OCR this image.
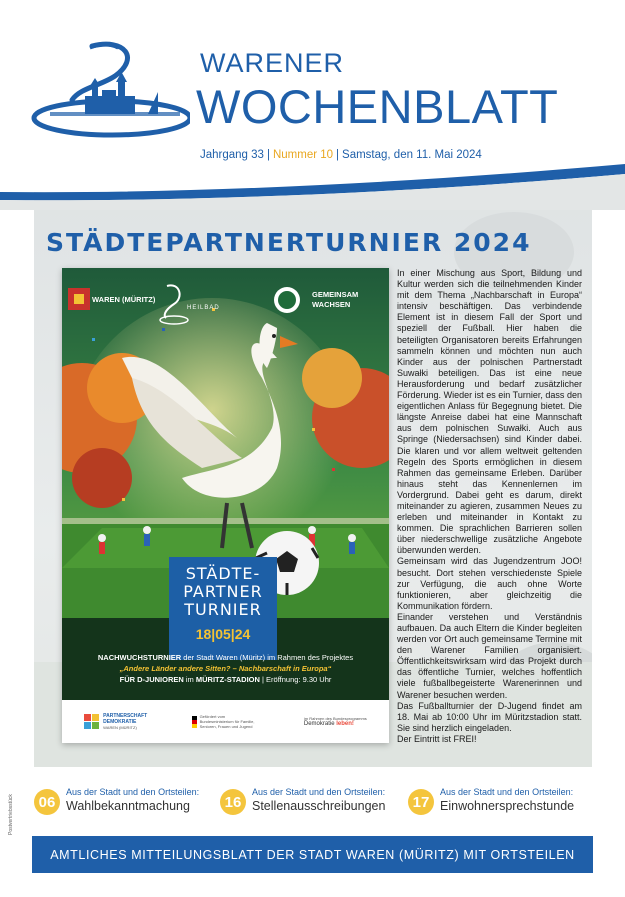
WARENER
WOCHENBLATT
Jahrgang 33 | Nummer 10 | Samstag, den 11. Mai 2024
STÄDTEPARTNERTURNIER 2024
WAREN (MÜRITZ)
HEILBAD
GEMEINSAM
WACHSEN
STÄDTE-
PARTNER
TURNIER
18|05|24
NACHWUCHSTURNIER der Stadt Waren (Müritz) im Rahmen des Projektes
„Andere Länder andere Sitten? – Nachbarschaft in Europa“
FÜR D-JUNIOREN im MÜRITZ-STADION | Eröffnung: 9.30 Uhr
PARTNERSCHAFT
DEMOKRATIE
WAREN (MÜRITZ)
Gefördert vom
Bundesministerium für Familie, Senioren, Frauen und Jugend
im Rahmen des Bundesprogramms
Demokratie leben!
In einer Mischung aus Sport, Bildung und Kultur werden sich die teilnehmenden Kinder mit dem Thema „Nachbarschaft in Europa“ intensiv beschäftigen. Das verbindende Element ist in diesem Fall der Sport und speziell der Fußball. Hier haben die beteiligten Organisatoren bereits Erfahrungen sammeln können und möchten nun auch Kinder aus der polnischen Partnerstadt Suwałki beteiligen. Das ist eine neue Herausforderung und bedarf zusätzlicher Förderung. Wieder ist es ein Turnier, dass den eigentlichen Anlass für Begegnung bietet. Die längste Anreise dabei hat eine Mannschaft aus dem polnischen Suwałki. Auch aus Springe (Niedersachsen) sind Kinder dabei. Die klaren und vor allem weltweit geltenden Regeln des Sports ermöglichen in diesem Rahmen das gemeinsame Erleben. Darüber hinaus steht das Kennenlernen im Vordergrund. Dabei geht es darum, direkt miteinander zu agieren, zusammen Neues zu erleben und miteinander in Kontakt zu kommen. Die sprachlichen Barrieren sollen über niederschwellige zusätzliche Angebote überwunden werden.
Gemeinsam wird das Jugendzentrum JOO! besucht. Dort stehen verschiedenste Spiele zur Verfügung, die auch ohne Worte funktionieren, aber gleichzeitig die Kommunikation fördern.
Einander verstehen und Verständnis aufbauen. Da auch Eltern die Kinder begleiten werden vor Ort auch gemeinsame Termine mit den Warener Familien organisiert. Öffentlichkeitswirksam wird das Projekt durch das öffentliche Turnier, welches hoffentlich viele fußballbegeisterte Warenerinnen und Warener besuchen werden.
Das Fußballturnier der D-Jugend findet am 18. Mai ab 10:00 Uhr im Müritzstadion statt. Sie sind herzlich eingeladen.
Der Eintritt ist FREI!
06
Aus der Stadt und den Ortsteilen:
Wahlbekanntmachung	16
Aus der Stadt und den Ortsteilen:
Stellenausschreibungen	17
Aus der Stadt und den Ortsteilen:
Einwohnersprechstunde
Postvertriebsstück
AMTLICHES MITTEILUNGSBLATT DER STADT WAREN (MÜRITZ) MIT ORTSTEILEN
